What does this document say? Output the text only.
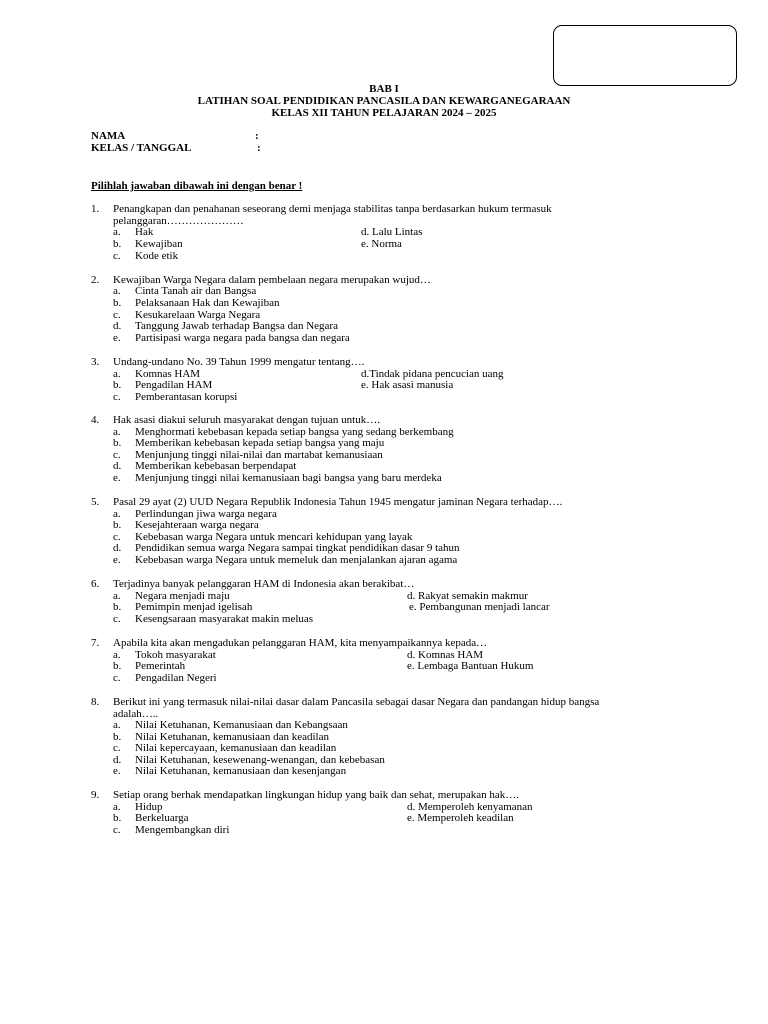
BAB I
LATIHAN SOAL PENDIDIKAN PANCASILA DAN KEWARGANEGARAAN
KELAS XII TAHUN PELAJARAN 2024 – 2025
NAMA	:
KELAS / TANGGAL	:
Pilihlah jawaban dibawah ini dengan benar !
1. Penangkapan dan penahanan seseorang demi menjaga stabilitas tanpa berdasarkan hukum termasuk
pelanggaran…………………
a. Hak
b. Kewajiban
c. Kode etik
d. Lalu Lintas
e. Norma
2. Kewajiban Warga Negara dalam pembelaan negara merupakan wujud…
a. Cinta Tanah air dan Bangsa
b. Pelaksanaan Hak dan Kewajiban
c. Kesukarelaan Warga Negara
d. Tanggung Jawab terhadap Bangsa dan Negara
e. Partisipasi warga negara pada bangsa dan negara
3. Undang-undano No. 39 Tahun 1999 mengatur tentang….
a. Komnas HAM
b. Pengadilan HAM
c. Pemberantasan korupsi
d.Tindak pidana pencucian uang
e. Hak asasi manusia
4. Hak asasi diakui seluruh masyarakat dengan tujuan untuk….
a. Menghormati kebebasan kepada setiap bangsa yang sedang berkembang
b. Memberikan kebebasan kepada setiap bangsa yang maju
c. Menjunjung tinggi nilai-nilai dan martabat kemanusiaan
d. Memberikan kebebasan berpendapat
e. Menjunjung tinggi nilai kemanusiaan bagi bangsa yang baru merdeka
5. Pasal 29 ayat (2) UUD Negara Republik Indonesia Tahun 1945 mengatur jaminan Negara terhadap….
a. Perlindungan jiwa warga negara
b. Kesejahteraan warga negara
c. Kebebasan warga Negara untuk mencari kehidupan yang layak
d. Pendidikan semua warga Negara sampai tingkat pendidikan dasar 9 tahun
e. Kebebasan warga Negara untuk memeluk dan menjalankan ajaran agama
6. Terjadinya banyak pelanggaran HAM di Indonesia akan berakibat…
a. Negara menjadi maju
b. Pemimpin menjad igelisah
c. Kesengsaraan masyarakat makin meluas
d. Rakyat semakin makmur
e. Pembangunan menjadi lancar
7. Apabila kita akan mengadukan pelanggaran HAM, kita menyampaikannya kepada…
a. Tokoh masyarakat
b. Pemerintah
c. Pengadilan Negeri
d. Komnas HAM
e. Lembaga Bantuan Hukum
8. Berikut ini yang termasuk nilai-nilai dasar dalam Pancasila sebagai dasar Negara dan pandangan hidup bangsa
adalah…..
a. Nilai Ketuhanan, Kemanusiaan dan Kebangsaan
b. Nilai Ketuhanan, kemanusiaan dan keadilan
c. Nilai kepercayaan, kemanusiaan dan keadilan
d. Nilai Ketuhanan, kesewenang-wenangan, dan kebebasan
e. Nilai Ketuhanan, kemanusiaan dan kesenjangan
9. Setiap orang berhak mendapatkan lingkungan hidup yang baik dan sehat, merupakan hak….
a. Hidup
b. Berkeluarga
c. Mengembangkan diri
d. Memperoleh kenyamanan
e. Memperoleh keadilan
